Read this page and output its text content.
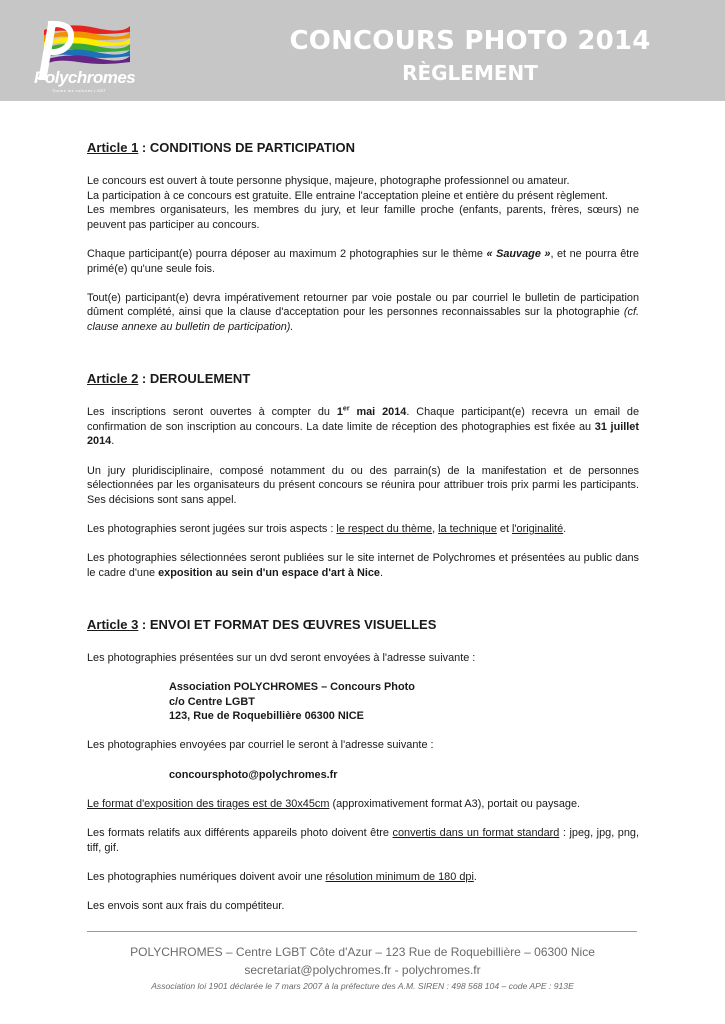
Polychromes
Toutes les cultures LGBT
CONCOURS PHOTO 2014
RÈGLEMENT
Article 1 : CONDITIONS DE PARTICIPATION
Le concours est ouvert à toute personne physique, majeure, photographe professionnel ou amateur.
La participation à ce concours est gratuite. Elle entraine l'acceptation pleine et entière du présent règlement.
Les membres organisateurs, les membres du jury, et leur famille proche (enfants, parents, frères, sœurs) ne peuvent pas participer au concours.
Chaque participant(e) pourra déposer au maximum 2 photographies sur le thème « Sauvage », et ne pourra être primé(e) qu'une seule fois.
Tout(e) participant(e) devra impérativement retourner par voie postale ou par courriel le bulletin de participation dûment complété, ainsi que la clause d'acceptation pour les personnes reconnaissables sur la photographie (cf. clause annexe au bulletin de participation).
Article 2 : DEROULEMENT
Les inscriptions seront ouvertes à compter du 1er mai 2014. Chaque participant(e) recevra un email de confirmation de son inscription au concours. La date limite de réception des photographies est fixée au 31 juillet 2014.
Un jury pluridisciplinaire, composé notamment du ou des parrain(s) de la manifestation et de personnes sélectionnées par les organisateurs du présent concours se réunira pour attribuer trois prix parmi les participants. Ses décisions sont sans appel.
Les photographies seront jugées sur trois aspects : le respect du thème, la technique et l'originalité.
Les photographies sélectionnées seront publiées sur le site internet de Polychromes et présentées au public dans le cadre d'une exposition au sein d'un espace d'art à Nice.
Article 3 : ENVOI ET FORMAT DES ŒUVRES VISUELLES
Les photographies présentées sur un dvd seront envoyées à l'adresse suivante :
Association POLYCHROMES – Concours Photo
c/o Centre LGBT
123, Rue de Roquebillière 06300 NICE
Les photographies envoyées par courriel le seront à l'adresse suivante :
concoursphoto@polychromes.fr
Le format d'exposition des tirages est de 30x45cm (approximativement format A3), portait ou paysage.
Les formats relatifs aux différents appareils photo doivent être convertis dans un format standard : jpeg, jpg, png, tiff, gif.
Les photographies numériques doivent avoir une résolution minimum de 180 dpi.
Les envois sont aux frais du compétiteur.
POLYCHROMES – Centre LGBT Côte d'Azur – 123 Rue de Roquebillière – 06300 Nice
secretariat@polychromes.fr - polychromes.fr
Association loi 1901 déclarée le 7 mars 2007 à la préfecture des A.M. SIREN : 498 568 104 – code APE : 913E
